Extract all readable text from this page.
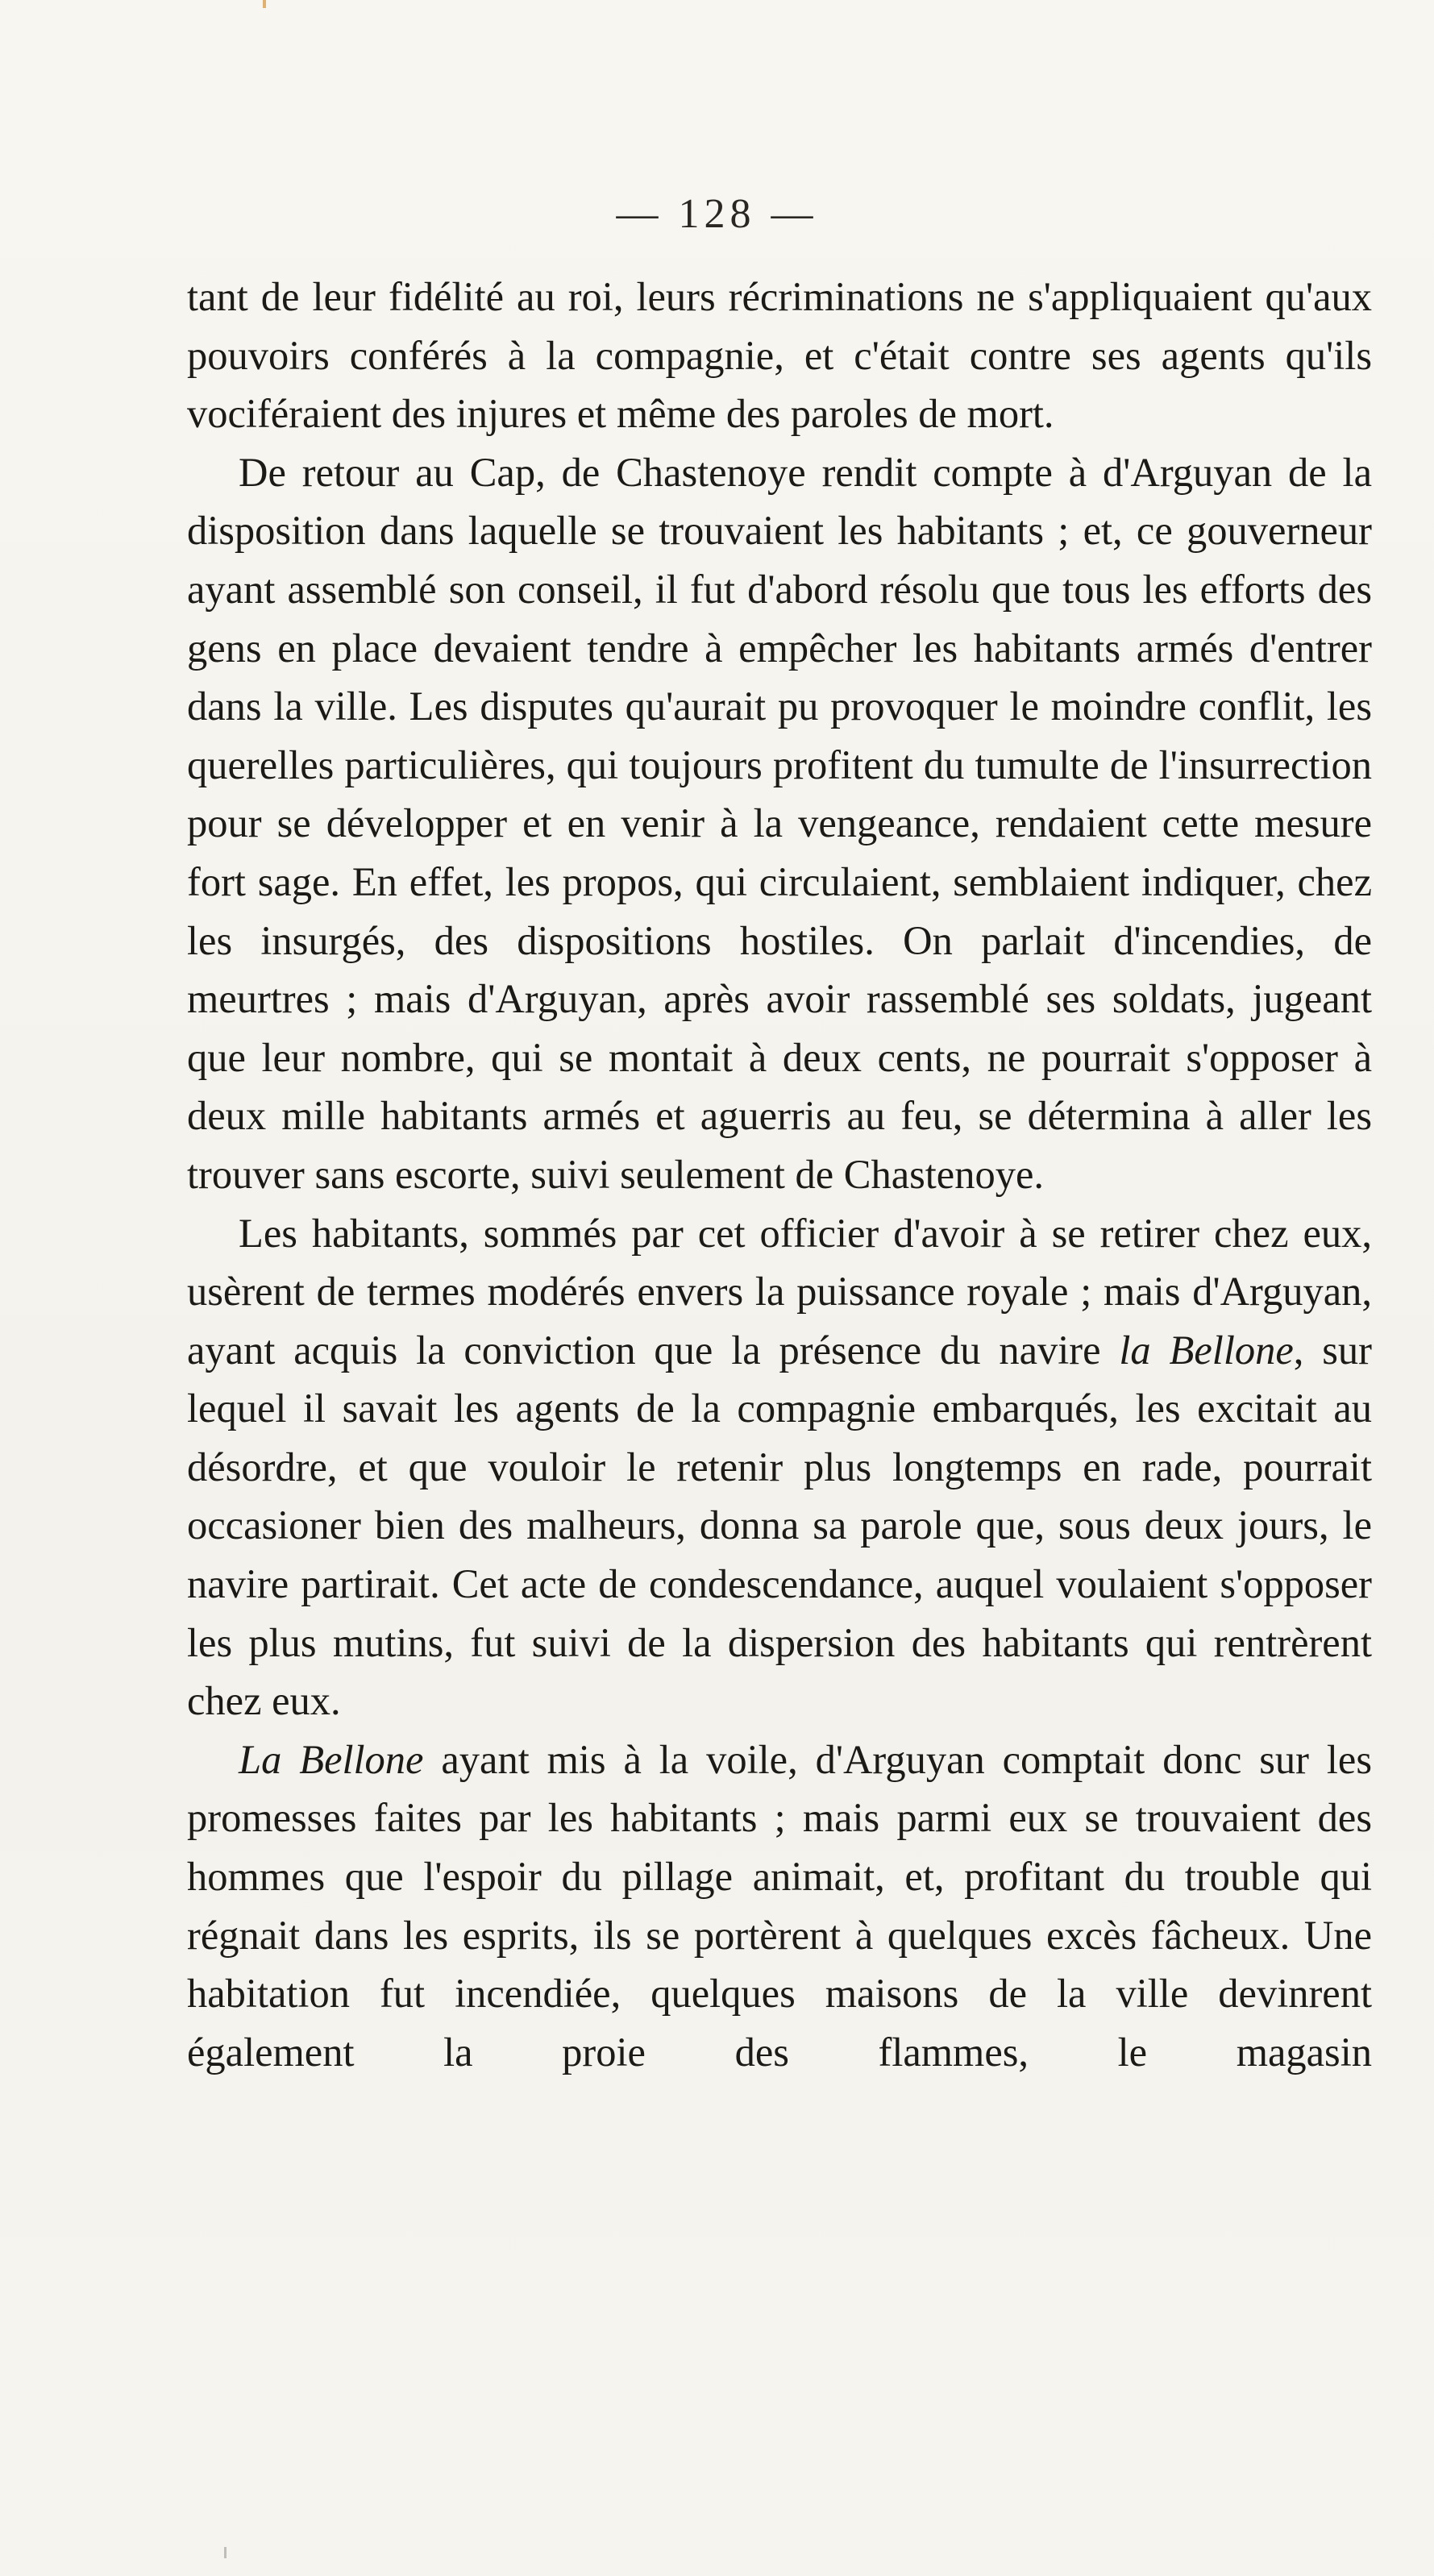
— 128 —

tant de leur fidélité au roi, leurs récriminations ne s'appliquaient qu'aux pouvoirs conférés à la compagnie, et c'était contre ses agents qu'ils vociféraient des injures et même des paroles de mort.

De retour au Cap, de Chastenoye rendit compte à d'Arguyan de la disposition dans laquelle se trouvaient les habitants ; et, ce gouverneur ayant assemblé son conseil, il fut d'abord résolu que tous les efforts des gens en place devaient tendre à empêcher les habitants armés d'entrer dans la ville. Les disputes qu'aurait pu provoquer le moindre conflit, les querelles particulières, qui toujours profitent du tumulte de l'insurrection pour se développer et en venir à la vengeance, rendaient cette mesure fort sage. En effet, les propos, qui circulaient, semblaient indiquer, chez les insurgés, des dispositions hostiles. On parlait d'incendies, de meurtres ; mais d'Arguyan, après avoir rassemblé ses soldats, jugeant que leur nombre, qui se montait à deux cents, ne pourrait s'opposer à deux mille habitants armés et aguerris au feu, se détermina à aller les trouver sans escorte, suivi seulement de Chastenoye.

Les habitants, sommés par cet officier d'avoir à se retirer chez eux, usèrent de termes modérés envers la puissance royale ; mais d'Arguyan, ayant acquis la conviction que la présence du navire la Bellone, sur lequel il savait les agents de la compagnie embarqués, les excitait au désordre, et que vouloir le retenir plus longtemps en rade, pourrait occasioner bien des malheurs, donna sa parole que, sous deux jours, le navire partirait. Cet acte de condescendance, auquel voulaient s'opposer les plus mutins, fut suivi de la dispersion des habitants qui rentrèrent chez eux.

La Bellone ayant mis à la voile, d'Arguyan comptait donc sur les promesses faites par les habitants ; mais parmi eux se trouvaient des hommes que l'espoir du pillage animait, et, profitant du trouble qui régnait dans les esprits, ils se portèrent à quelques excès fâcheux. Une habitation fut incendiée, quelques maisons de la ville devinrent également la proie des flammes, le magasin
